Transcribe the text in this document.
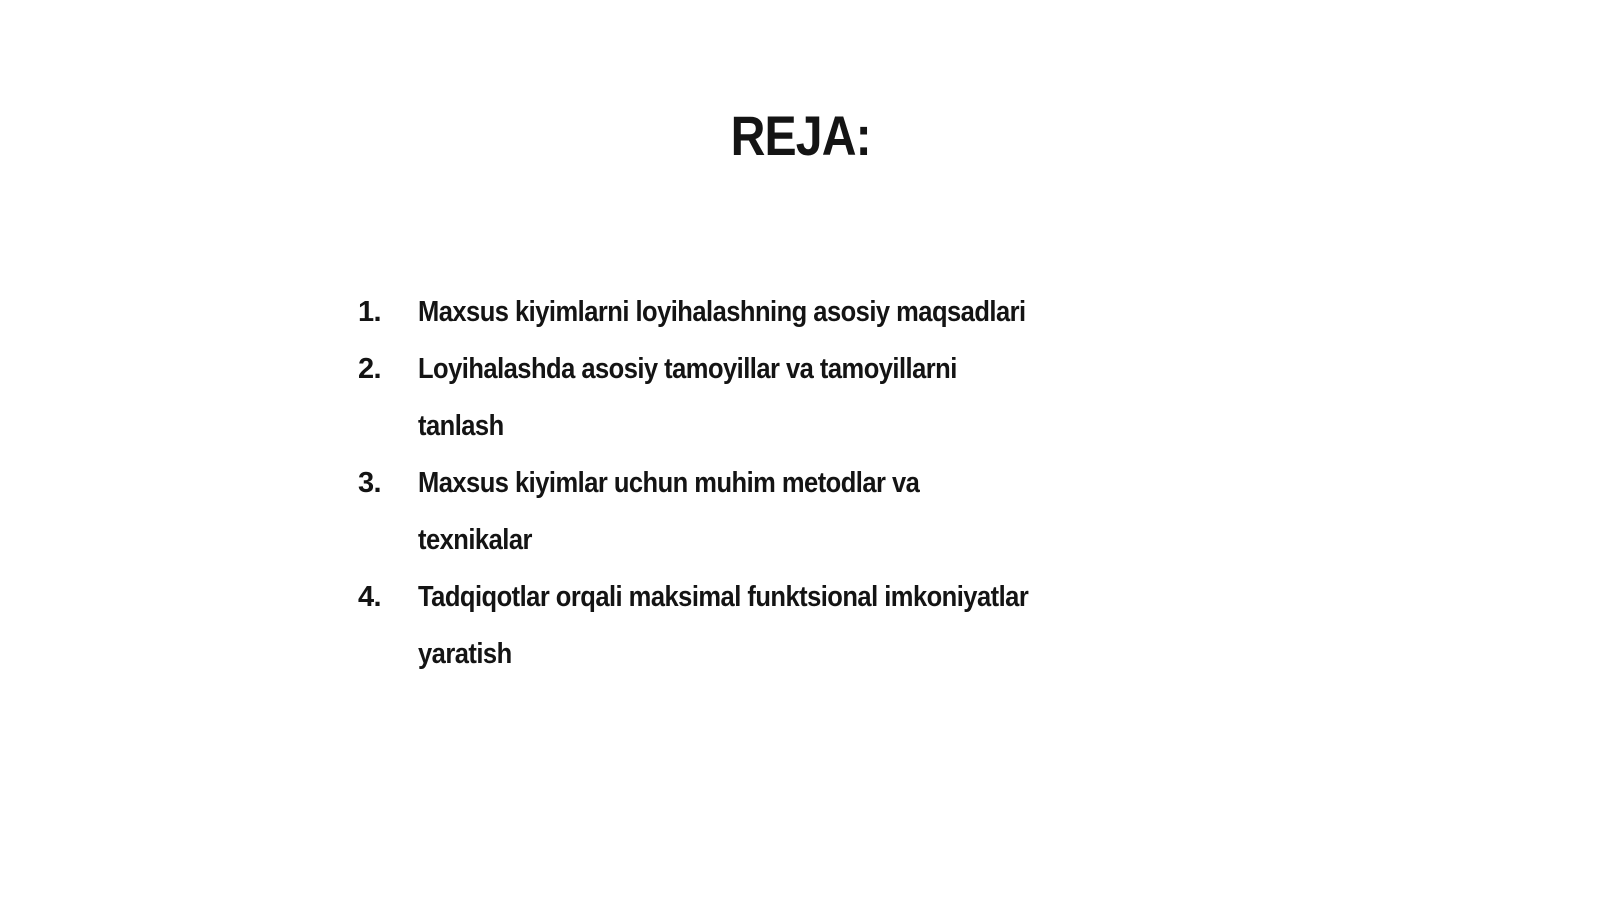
REJA:
1.	Maxsus kiyimlarni loyihalashning asosiy maqsadlari
2.	Loyihalashda asosiy tamoyillar va tamoyillarni tanlash
3.	Maxsus kiyimlar uchun muhim metodlar va texnikalar
4.	Tadqiqotlar orqali maksimal funktsional imkoniyatlar yaratish
